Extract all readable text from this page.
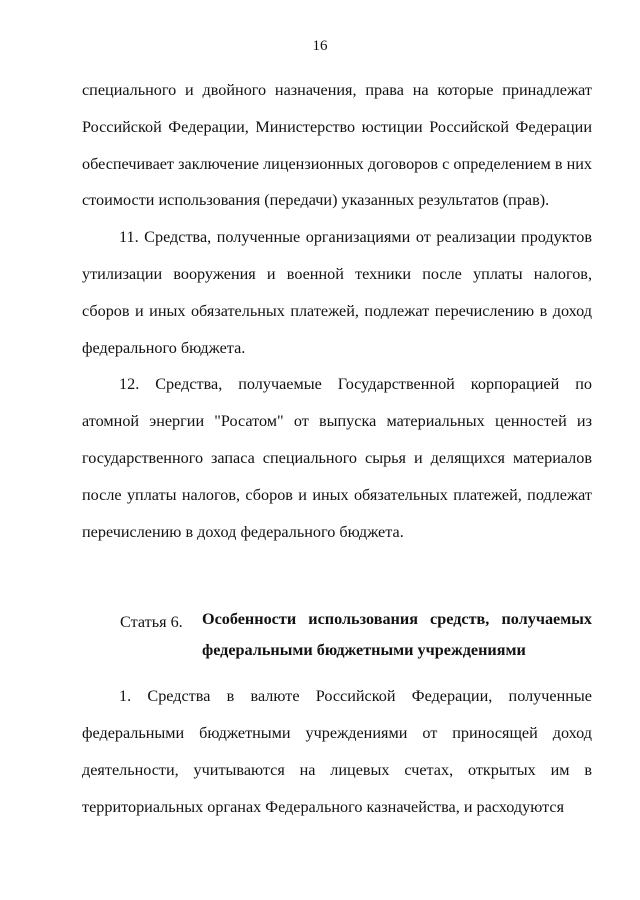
16

специального и двойного назначения, права на которые принадлежат Российской Федерации, Министерство юстиции Российской Федерации обеспечивает заключение лицензионных договоров с определением в них стоимости использования (передачи) указанных результатов (прав).

11. Средства, полученные организациями от реализации продуктов утилизации вооружения и военной техники после уплаты налогов, сборов и иных обязательных платежей, подлежат перечислению в доход федерального бюджета.

12. Средства, получаемые Государственной корпорацией по атомной энергии "Росатом" от выпуска материальных ценностей из государственного запаса специального сырья и делящихся материалов после уплаты налогов, сборов и иных обязательных платежей, подлежат перечислению в доход федерального бюджета.

Статья 6. Особенности использования средств, получаемых федеральными бюджетными учреждениями

1. Средства в валюте Российской Федерации, полученные федеральными бюджетными учреждениями от приносящей доход деятельности, учитываются на лицевых счетах, открытых им в территориальных органах Федерального казначейства, и расходуются
